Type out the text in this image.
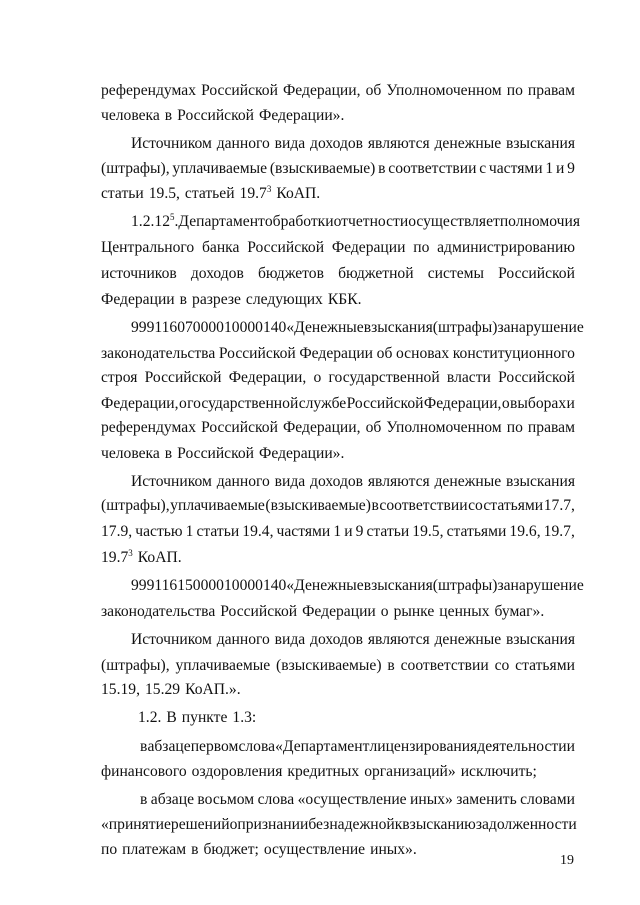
референдумах Российской Федерации, об Уполномоченном по правам
человека в Российской Федерации».
Источником данного вида доходов являются денежные взыскания
(штрафы), уплачиваемые (взыскиваемые) в соответствии с частями 1 и 9
статьи 19.5, статьей 19.7$^3$ КоАП.
1.2.12$^5$. Департамент обработки отчетности осуществляет полномочия
Центрального банка Российской Федерации по администрированию
источников доходов бюджетов бюджетной системы Российской
Федерации в разрезе следующих КБК.
99911607000010000140 «Денежные взыскания (штрафы) за нарушение
законодательства Российской Федерации об основах конституционного
строя Российской Федерации, о государственной власти Российской
Федерации, о государственной службе Российской Федерации, о выборах и
референдумах Российской Федерации, об Уполномоченном по правам
человека в Российской Федерации».
Источником данного вида доходов являются денежные взыскания
(штрафы), уплачиваемые (взыскиваемые) в соответствии со статьями 17.7,
17.9, частью 1 статьи 19.4, частями 1 и 9 статьи 19.5, статьями 19.6, 19.7,
19.7$^3$ КоАП.
99911615000010000140 «Денежные взыскания (штрафы) за нарушение
законодательства Российской Федерации о рынке ценных бумаг».
Источником данного вида доходов являются денежные взыскания
(штрафы), уплачиваемые (взыскиваемые) в соответствии со статьями
15.19, 15.29 КоАП.».
1.2. В пункте 1.3:
в абзаце первом слова «Департамент лицензирования деятельности и
финансового оздоровления кредитных организаций» исключить;
в абзаце восьмом слова «осуществление иных» заменить словами
«принятие решений о признании безнадежной к взысканию задолженности
по платежам в бюджет; осуществление иных».
19
